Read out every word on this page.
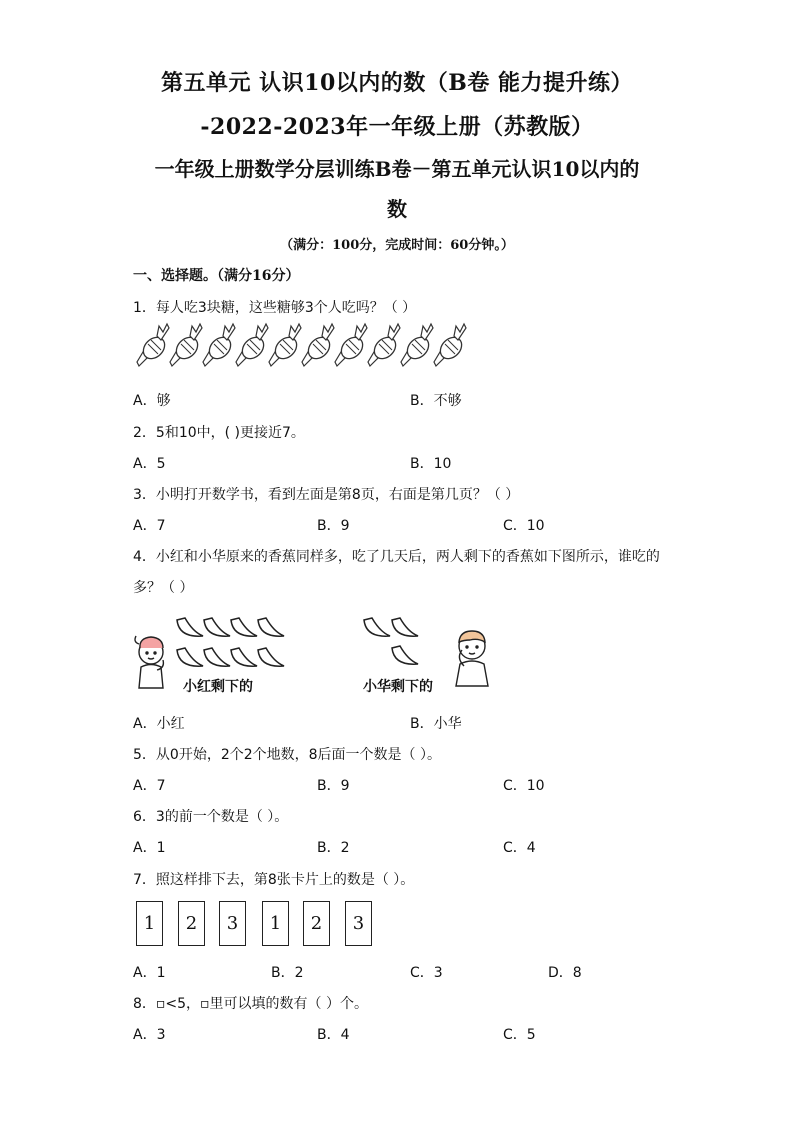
第五单元 认识10以内的数（B卷 能力提升练）
-2022-2023年一年级上册（苏教版）
一年级上册数学分层训练B卷－第五单元认识10以内的
数
（满分：100分，完成时间：60分钟。）
一、选择题。（满分16分）
1．每人吃3块糖，这些糖够3个人吃吗？（ ）
A．够	B．不够
2．5和10中，( )更接近7。
A．5	B．10
3．小明打开数学书，看到左面是第8页，右面是第几页？（ ）
A．7	B．9	C．10
4．小红和小华原来的香蕉同样多，吃了几天后，两人剩下的香蕉如下图所示，谁吃的
多？（ ）
小红剩下的	小华剩下的
A．小红	B．小华
5．从0开始，2个2个地数，8后面一个数是（ ）。
A．7	B．9	C．10
6．3的前一个数是（ ）。
A．1	B．2	C．4
7．照这样排下去，第8张卡片上的数是（ ）。
1	2	3	1	2	3
A．1	B．2	C．3	D．8
8．▫<5，▫里可以填的数有（ ）个。
A．3	B．4	C．5
